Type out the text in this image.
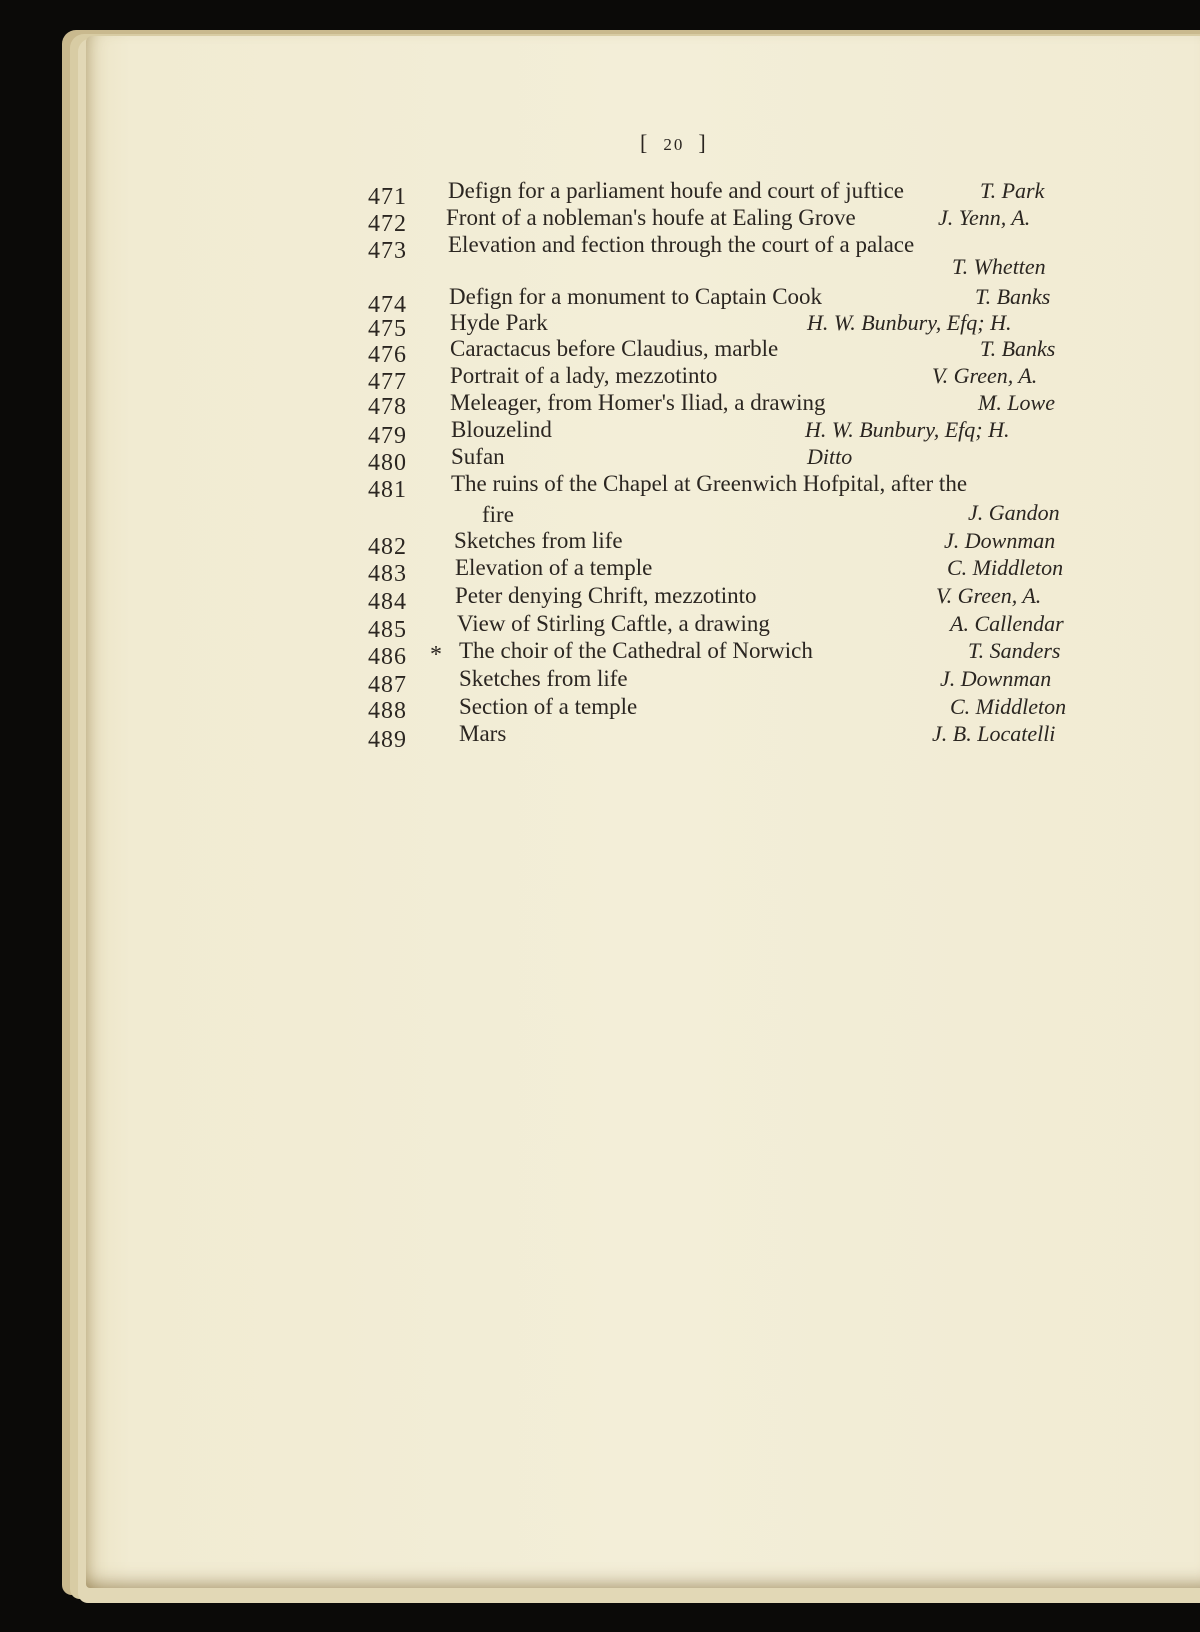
[ 20 ]
471 Defign for a parliament houfe and court of juftice	T. Park
472 Front of a nobleman's houfe at Ealing Grove	J. Yenn, A.
473 Elevation and fection through the court of a palace
T. Whetten
474 Defign for a monument to Captain Cook	T. Banks
475 Hyde Park	H. W. Bunbury, Efq; H.
476 Caractacus before Claudius, marble	T. Banks
477 Portrait of a lady, mezzotinto	V. Green, A.
478 Meleager, from Homer's Iliad, a drawing	M. Lowe
479 Blouzelind	H. W. Bunbury, Efq; H.
480 Sufan	Ditto
481 The ruins of the Chapel at Greenwich Hofpital, after the
fire	J. Gandon
482 Sketches from life	J. Downman
483 Elevation of a temple	C. Middleton
484 Peter denying Chrift, mezzotinto	V. Green, A.
485 View of Stirling Caftle, a drawing	A. Callendar
486 * The choir of the Cathedral of Norwich	T. Sanders
487 Sketches from life	J. Downman
488 Section of a temple	C. Middleton
489 Mars	J. B. Locatelli
